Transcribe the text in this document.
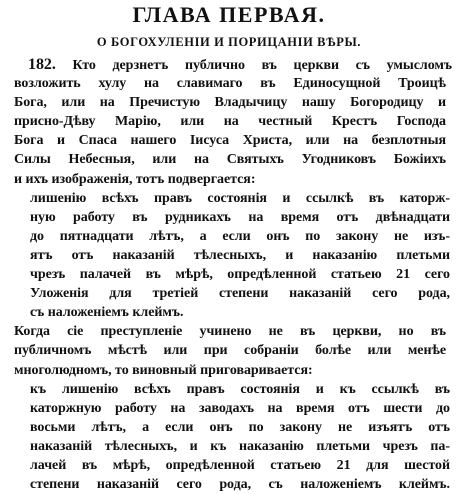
ГЛАВА ПЕРВАЯ.
О БОГОХУЛЕНIИ И ПОРИЦАНIИ ВѢРЫ.
182. Кто дерзнетъ публично въ церкви съ умысломъ
возложить хулу на славимаго въ Единосущной Троицѣ
Бога, или на Пречистую Владычицу нашу Богородицу и
присно-Дѣву Марiю, или на честный Крестъ Господа
Бога и Спаса нашего Iисуса Христа, или на безплотныя
Силы Небесныя, или на Святыхъ Угодниковъ Божiихъ
и ихъ изображенiя, тотъ подвергается:
лишенiю всѣхъ правъ состоянiя и ссылкѣ въ каторж-
ную работу въ рудникахъ на время отъ двѣнадцати
до пятнадцати лѣтъ, а если онъ по закону не изъ-
ятъ отъ наказанiй тѣлесныхъ, и наказанiю плетьми
чрезъ палачей въ мѣрѣ, опредѣленной статьею 21 сего
Уложенiя для третiей степени наказанiй сего рода,
съ наложенiемъ клеймъ.
Когда сiе преступленiе учинено не въ церкви, но въ
публичномъ мѣстѣ или при собранiи болѣе или менѣе
многолюдномъ, то виновный приговаривается:
къ лишенiю всѣхъ правъ состоянiя и къ ссылкѣ въ
каторжную работу на заводахъ на время отъ шести до
восьми лѣтъ, а если онъ по закону не изъятъ отъ
наказанiй тѣлесныхъ, и къ наказанiю плетьми чрезъ па-
лачей въ мѣрѣ, опредѣленной статьею 21 для шестой
степени наказанiй сего рода, съ наложенiемъ клеймъ.
